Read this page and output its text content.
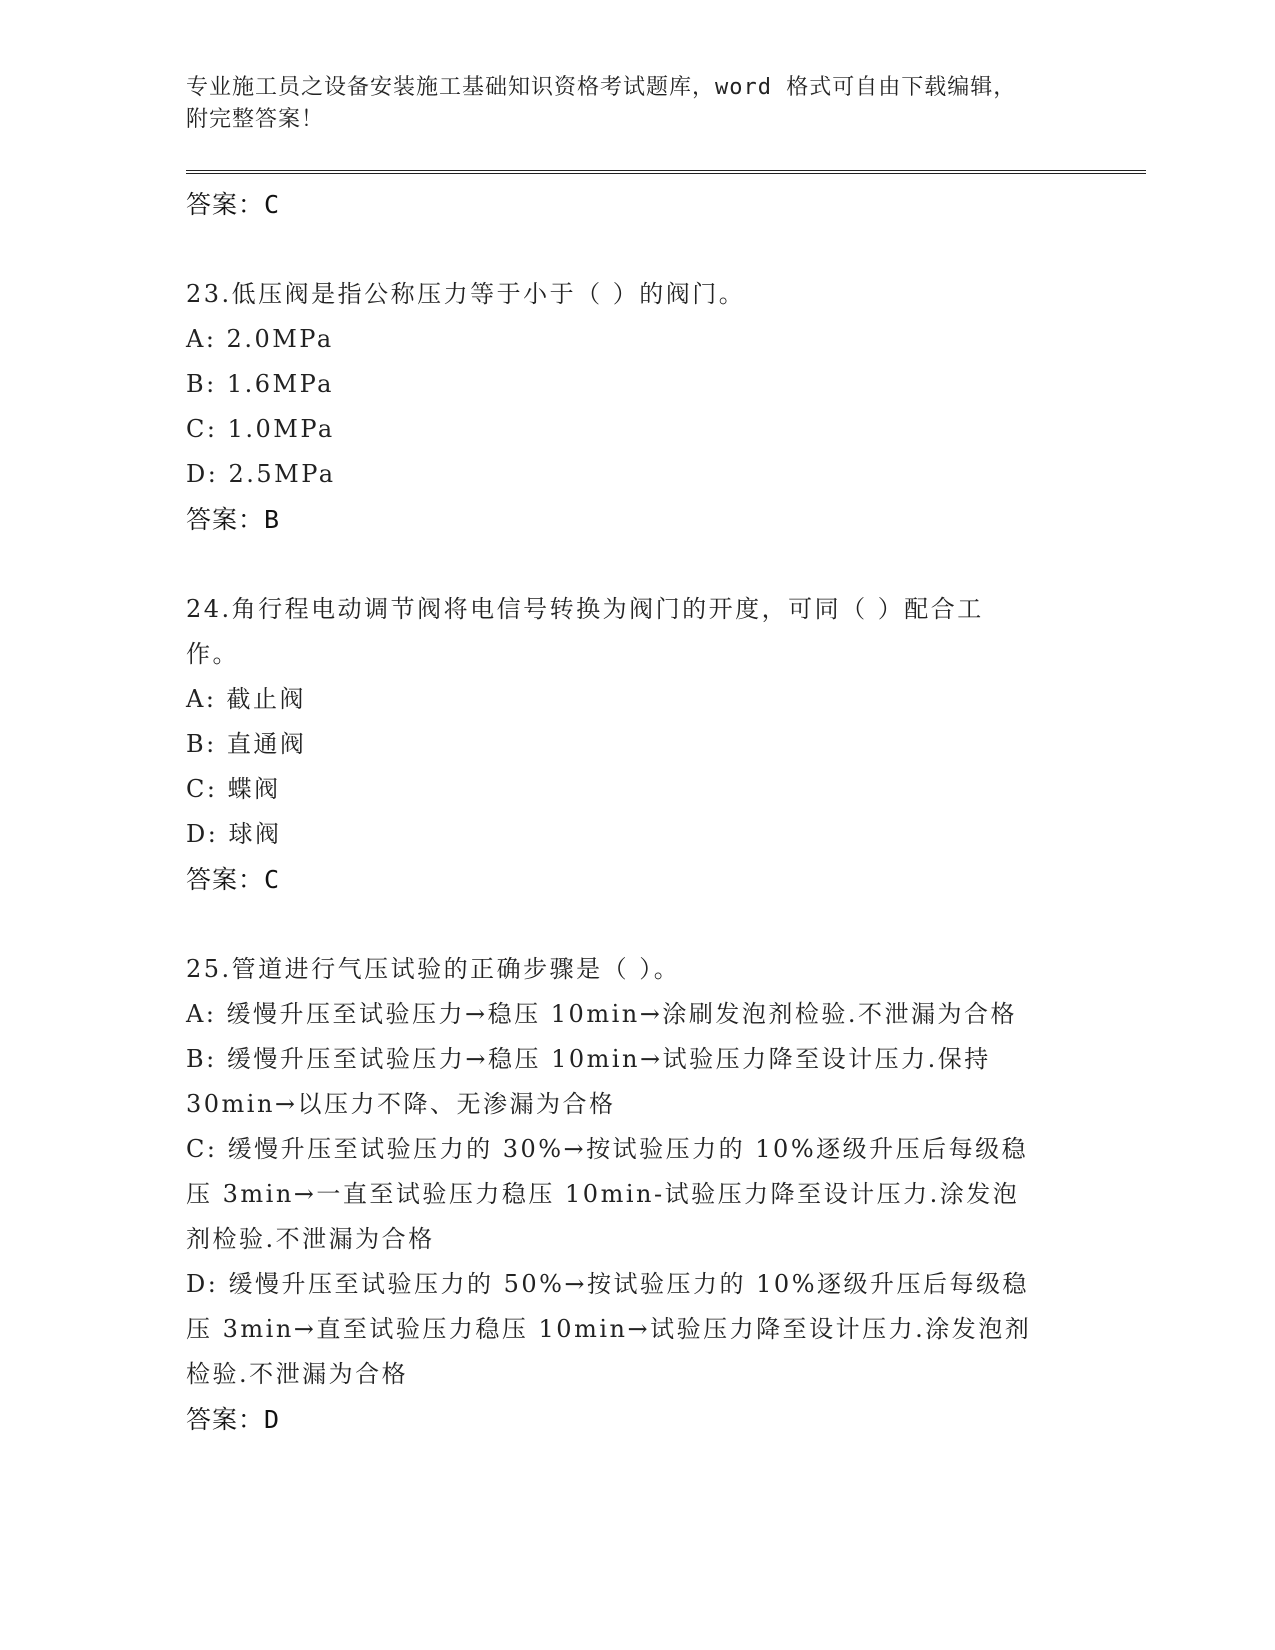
专业施工员之设备安装施工基础知识资格考试题库，word 格式可自由下载编辑，
附完整答案！
答案：C
23.低压阀是指公称压力等于小于（ ）的阀门。
A: 2.0MPa
B: 1.6MPa
C: 1.0MPa
D: 2.5MPa
答案：B
24.角行程电动调节阀将电信号转换为阀门的开度，可同（ ）配合工
作。
A: 截止阀
B: 直通阀
C: 蝶阀
D: 球阀
答案：C
25.管道进行气压试验的正确步骤是（ ）。
A: 缓慢升压至试验压力→稳压 10min→涂刷发泡剂检验.不泄漏为合格
B: 缓慢升压至试验压力→稳压 10min→试验压力降至设计压力.保持
30min→以压力不降、无渗漏为合格
C: 缓慢升压至试验压力的 30%→按试验压力的 10%逐级升压后每级稳
压 3min→一直至试验压力稳压 10min-试验压力降至设计压力.涂发泡
剂检验.不泄漏为合格
D: 缓慢升压至试验压力的 50%→按试验压力的 10%逐级升压后每级稳
压 3min→直至试验压力稳压 10min→试验压力降至设计压力.涂发泡剂
检验.不泄漏为合格
答案：D
